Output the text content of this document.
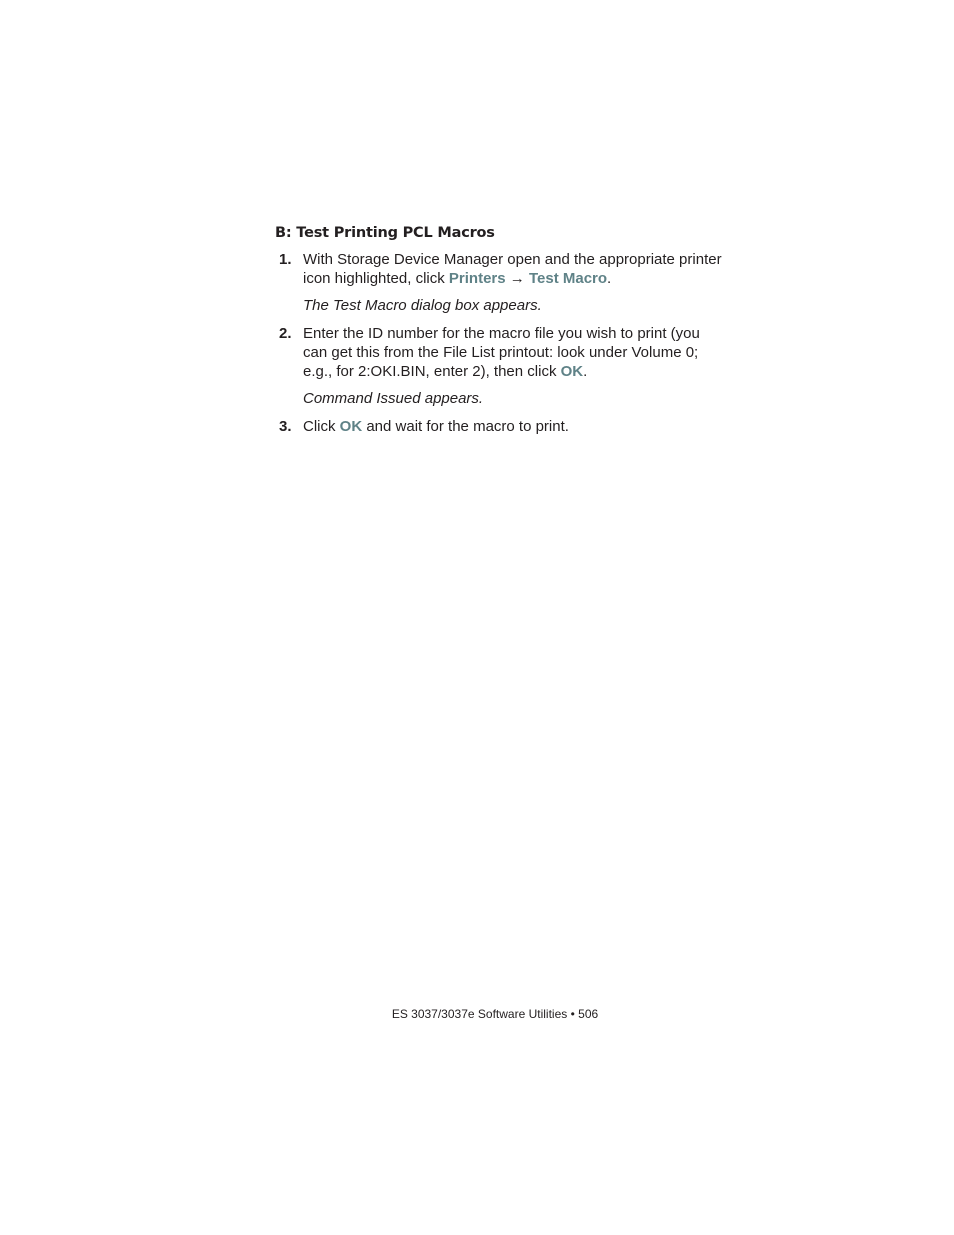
B: Test Printing PCL Macros
1. With Storage Device Manager open and the appropriate printer icon highlighted, click Printers → Test Macro.
The Test Macro dialog box appears.
2. Enter the ID number for the macro file you wish to print (you can get this from the File List printout: look under Volume 0; e.g., for 2:OKI.BIN, enter 2), then click OK.
Command Issued appears.
3. Click OK and wait for the macro to print.
ES 3037/3037e Software Utilities • 506
